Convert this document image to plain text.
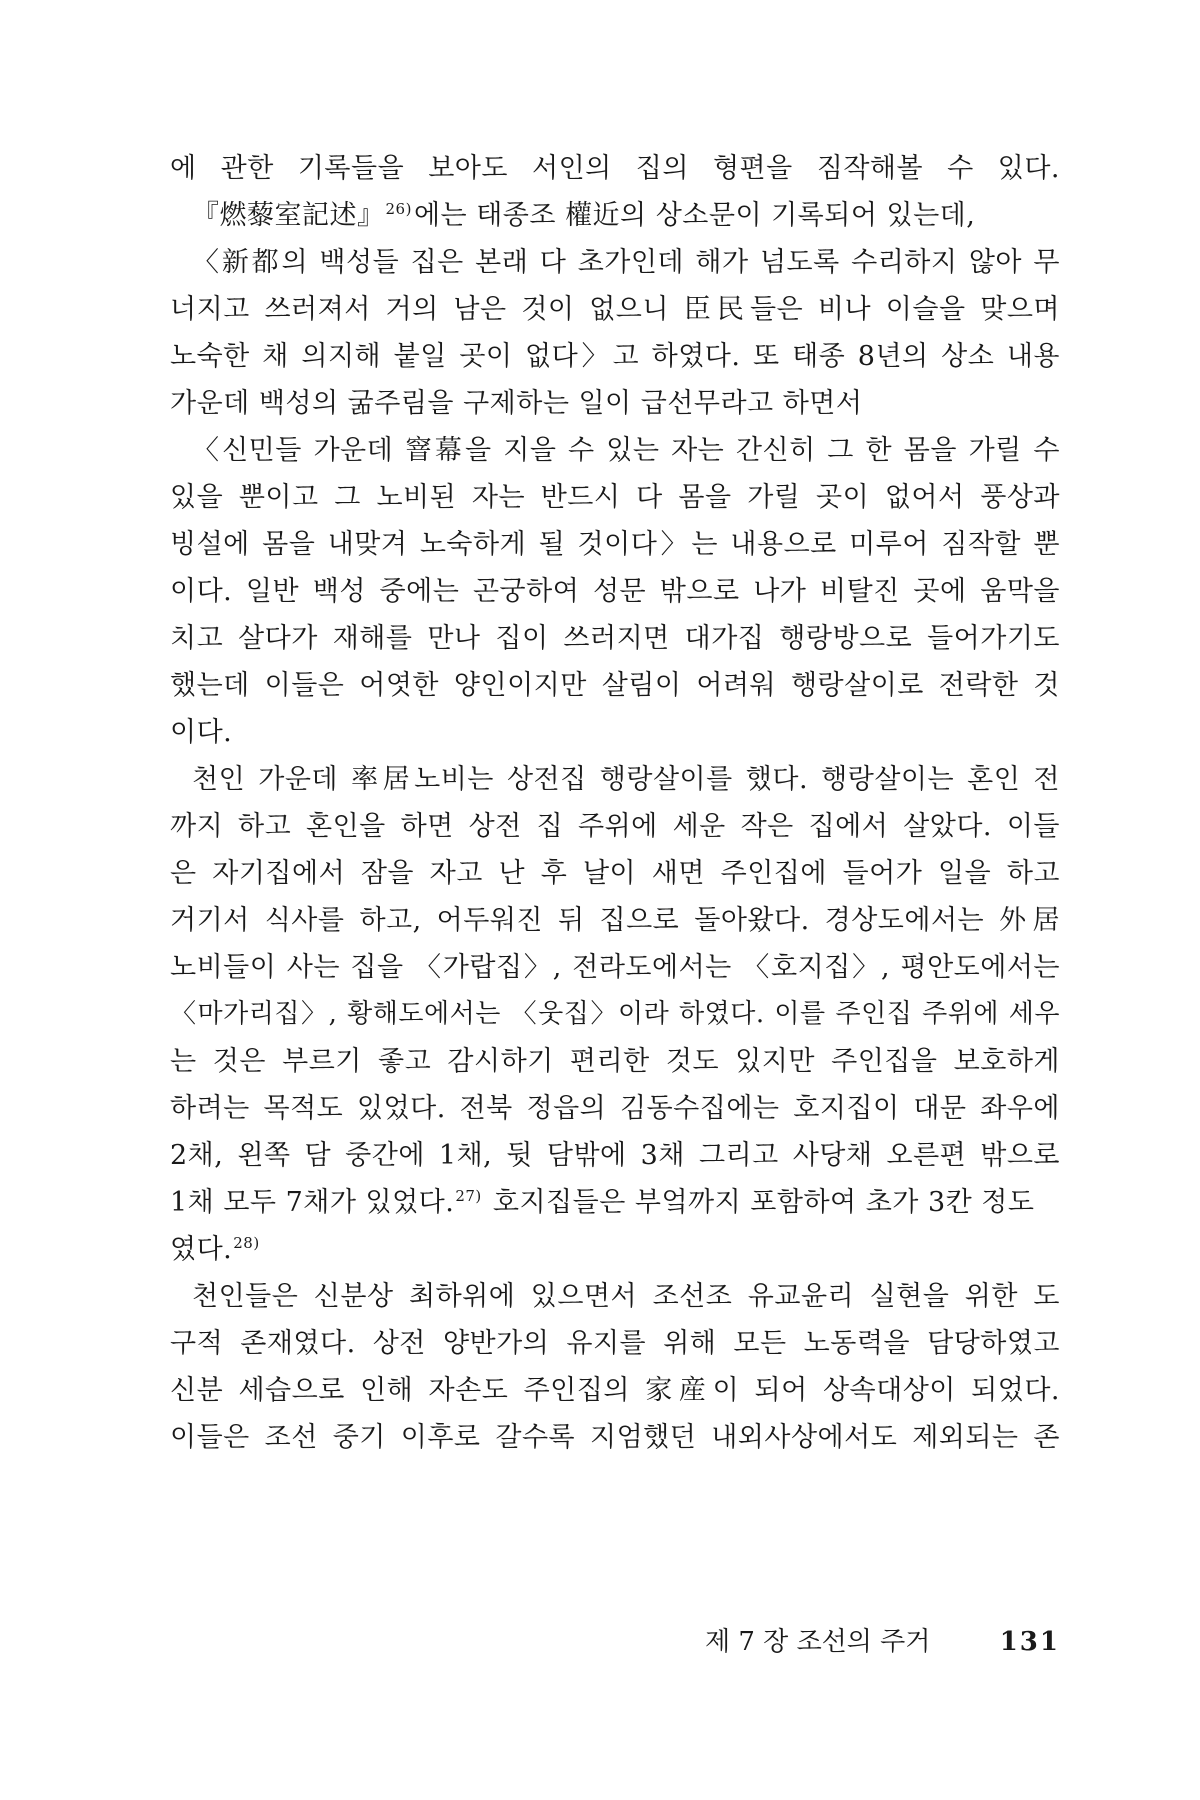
에 관한 기록들을 보아도 서인의 집의 형편을 짐작해볼 수 있다.
『燃藜室記述』$^{26)}$에는 태종조 權近의 상소문이 기록되어 있는데,
〈新都의 백성들 집은 본래 다 초가인데 해가 넘도록 수리하지 않아 무
너지고 쓰러져서 거의 남은 것이 없으니 臣民들은 비나 이슬을 맞으며
노숙한 채 의지해 붙일 곳이 없다〉고 하였다. 또 태종 8년의 상소 내용
가운데 백성의 굶주림을 구제하는 일이 급선무라고 하면서
〈신민들 가운데 窨幕을 지을 수 있는 자는 간신히 그 한 몸을 가릴 수
있을 뿐이고 그 노비된 자는 반드시 다 몸을 가릴 곳이 없어서 풍상과
빙설에 몸을 내맞겨 노숙하게 될 것이다〉는 내용으로 미루어 짐작할 뿐
이다. 일반 백성 중에는 곤궁하여 성문 밖으로 나가 비탈진 곳에 움막을
치고 살다가 재해를 만나 집이 쓰러지면 대가집 행랑방으로 들어가기도
했는데 이들은 어엿한 양인이지만 살림이 어려워 행랑살이로 전락한 것
이다.
천인 가운데 率居노비는 상전집 행랑살이를 했다. 행랑살이는 혼인 전
까지 하고 혼인을 하면 상전 집 주위에 세운 작은 집에서 살았다. 이들
은 자기집에서 잠을 자고 난 후 날이 새면 주인집에 들어가 일을 하고
거기서 식사를 하고, 어두워진 뒤 집으로 돌아왔다. 경상도에서는 外居
노비들이 사는 집을 〈가랍집〉, 전라도에서는 〈호지집〉, 평안도에서는
〈마가리집〉, 황해도에서는 〈웃집〉이라 하였다. 이를 주인집 주위에 세우
는 것은 부르기 좋고 감시하기 편리한 것도 있지만 주인집을 보호하게
하려는 목적도 있었다. 전북 정읍의 김동수집에는 호지집이 대문 좌우에
2채, 왼쪽 담 중간에 1채, 뒷 담밖에 3채 그리고 사당채 오른편 밖으로
1채 모두 7채가 있었다.$^{27)}$ 호지집들은 부엌까지 포함하여 초가 3칸 정도
였다.$^{28)}$
천인들은 신분상 최하위에 있으면서 조선조 유교윤리 실현을 위한 도
구적 존재였다. 상전 양반가의 유지를 위해 모든 노동력을 담당하였고
신분 세습으로 인해 자손도 주인집의 家産이 되어 상속대상이 되었다.
이들은 조선 중기 이후로 갈수록 지엄했던 내외사상에서도 제외되는 존
제 7 장 조선의 주거	131
